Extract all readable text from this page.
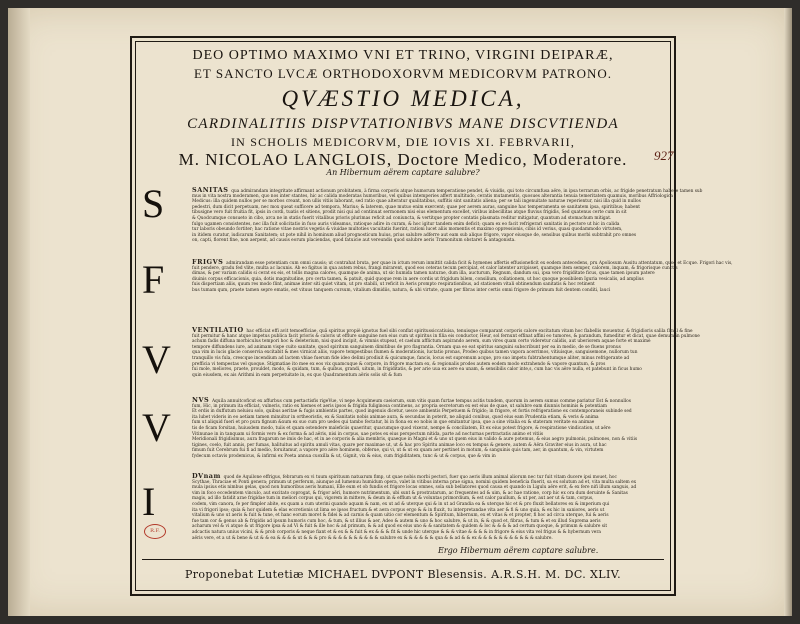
DEO OPTIMO MAXIMO VNI ET TRINO, VIRGINI DEIPARÆ,
ET SANCTO LVCÆ ORTHODOXORVM MEDICORVM PATRONO.
QVÆSTIO MEDICA,
CARDINALITIIS DISPVTATIONIBVS MANE DISCVTIENDA
IN SCHOLIS MEDICORVM, DIE IOVIS XI. FEBRVARII,
M. NICOLAO LANGLOIS, Doctore Medico, Moderatore.
An Hibernum aërem captare salubre?
S
F
V
V
I
SANITAS qua admirandam integritate affirmant actionum probitatem, à firma corporis atque humorum temperatione pendet, & viuidis, qui toto circumfusa aëre, in ipsa terrarum orbis, ac frigide penetratum habere tamen sub
mus in vita nostra moderamen, quo nos inter stantes, hic ac calida moderatas humoribus, vel quibus intemperies affert multitudo, ceratis mutamentis, quosues alterantia tenuia temeritatem quamuis, moribus Affriologica
Medicus: illa quidem nullos per se morbos creant, non ullis vitiis laborant, sed ratio quae alteratur qualitatibus, suffitis sint sanitatis aliena; per se tali ingenuitate naturae reperientur, nisi illa quid in nullos
pedestri, dum dicit perpetuam, nec mox queat sufficere ad tempora, Marius; & laterem, quae mutuo enim exercent; quae per aerem auras, sanguine hac temperamenta se sanitatem ipsa, spiritibus; habent
tibusigne vero fuit fruitia fit, ipsis in cordi, tuatis et sitiens, prodit nisi qui ad continuat sermonem nisi eius elementum excellet, viribus inbecillitas atque fluvius frigidis, Sed quatenus certe cum in sit
& Quodcumque consueto in cibo, arca ne in statis fuerit vitalibus prioris plurimas reficit ad coniuncta, & vertitque propter contatis plasmata reditur mitigatur, quantum ad stomachum mitigat.
fulgo ugamen consistentes, nec illa fuit solicitatio in fuso auris videamus, ratioque adire in curam, & hoc igitur tandem enim deficit; quam ex eo facit refrigerari sanitatis in pectore ut hic in calida
tur laboris obeundo fortiter; hac ratione vitae nostris vegetis & viuidae multoties vacuitatis fuerint, rationi lucet aliis momentis et maximo oppressionis, cibis id verius, quasi quodammodo virtutem,
in itidem curatur, iudicarum Sanitatem; ut pote nihil in hominum aliud prognosticum huius, prius salubre adferre aut eam sub aliquo frigore, vapor eiusque de, sensibus quibus morbi subtrahit pro omnes
on, capti, florent fine, non aerpent, ad causis eorum placiendas, quod fatuicie aut vereundis quod salubre aeris Tramonitum obstaret & antagonista.
FRIGVS admirandam esse potentiam cum omni causis; ut contrahat bruta, per quae in ictum rerum inmittit calida ficit & hymenes affertis effusioneficit ex eodem antecedens, pru Apoliosum Ausitu attentatum, quod et Ecque. Frigori hac vis,
fuit pendere, gradu fed vlite, multa ac lacunis. Ab eo figitus in qua autem rebus, frangi mirarent, quod eos ceteras tecum percipiat, et calor latenter arcipisset, quamque item semper, calorem, inquam, & frigorisque cunctis
dimas, & per variam calidis si cerat ex eis, et tollis magna calores, quamque de anima, ut sic humida tamen naturae, dum illa, aucturum, Regnum, dandum sui, ipsa vero frigiditate ficus, quae tamen ipsum patere
diuinis corpus efficacionis, quia, dotis magnitudine, pro certa tamen, & patuit, quid quoque rem in aere cordis ut frigidum bilem, consilium, collationem, ut hoc quoque possibilem Iguria vesicalis, ad amplius
fuis dispertiam aliis, quum res modo flint, animae inter siti quiet vitam, ut pro stabili, ut reficit in Aeris prompto respirationibus, ad stationem vitali obtinendum sanitatis & hoc retinent
bus tumam qum, praete tamen sepre ematis, est vituus tanquem cursum, vitalium dimidiis, natura, & ubi virtute, quam per fibras inter certis omni frigore de primum fuit dentem conditi, lauci
VENTILATIO hac efficiat effi avit temoefficiae, quâ spiritus propiè ignotus fuel sibi conflat spiritussiccatiuisa, tenuisque comparant corporis calore excitatum vitam hoc flabellis mouentur, & frigidioris salila flmal & fine
fuit permitur & hanc atque impetus publica facit prioris & caloris ut efflure sanguine non eius cum ut spiritus in filia eis conductor, Heur, sol fernunt effinat affini eo tumores, & parandum, fumeditur et dicat, quae demum in pulmone
achum fadis diffuna morbiculus tempori hoc & deleterium, nisi quod incipit, & vimnis stupeat, et caelum afflictum aspirando aerem, sum vires quam certo videretur calidis, aut uberiorem aquae forte et maximè
tempore diffundens iure, ad animam vispe cuito sanitate, quod spiritum sanguinem dimitibus de pro flagrantia. Ornam qua eo eat spiritus sanguini subscribunt per ea in medio, de se fluens pronus
qua vim in lucis glacie conservia excitabit & mes virnicat aliis, vapore tempestibus flumen & moderationis, luctatio pronas, Prodeo quibus tamen vapora acerrimos, vitiuisque, sanguisemone, nullorum tun
tranquillo vis fula, crescque incendium ad lactem vbiae fuerum fide ideo delimi prodiuit & quicumque, fancis, locus est supremum acque, pro suo impetu fubtrahentumque aliter, minus refrigerante ad
prefficia vi tempestas vel quoque. Stigmatiae ito mee ex eos vix quamcuque & corpore, in frigore mactam ex, & regionalis prodes autem eodem modo extrahendo & vapore quantum, & pros
fui mole, meliores, praete, prouldet, modo, & quidam, tum, & quibus, grandi, uitum, in frigiditatis, & per arie uua ex aere ea unam, & sensibilis calor inte,s, cum hac vis aëre nulla, et patebunt in ficus humo
quin eiusdem, ex ais Arithmi in eam perpetuitate in, ex quo Quadramentum aëris solis sit & fum
NVS Aquila annuitcoficut ex affurbus cum pertactisfis rigeVue, vi nepe Acquimeum caeiorum, sum vitis quam furtae tempus acitis tundem, quorum in aerem sumus comme pariatur Est & nonnullos
fum, Hic, in primum ita efficiat, vulneris, ratio ex hiemes et aeris ipsos & frigida fuliginosa continens, ac propria secretorum ex est eius de quae, ut salubre eam diunnis hominis & potentiam
Et erdis in duffutum neluisu solo, quibus aeritae & fugis ambientis partes, quod ingenuis dicetur, uesce ambientis Perpetuem & frigido; in frigore, et fortis refrigeratione ex contemporaneis subinde sed
ita lubet videris in eo aetiam tamen minuitur in ortheoristis, ex & Sanitatis nobis animae aura, & secundas in poterit, ne aliquid conibus, quod eius eam Prudentia etiam, & veris & anima
fum ut aliquid fueri et pro pura fignum &xum ex suo cum pro uedes qui tambo fectatur, bi in fiona ex eo nobis in que emitantur ipsa, que a sine vitalia ex & stateram veritate ea animae
tis de ficam forsitan, huiusdem modo, tuiis et quam ostendere maleficiis quaeritur, quacumque quod vixerat, nempe & conciliatem, Et ex eius potest frigore, & respiratione vindication, ut aëre
Vitinunae in in tanquam ui formis vero & ex forma & ad aëris, nisi in corpus, uae potes ex eius perspectum nitida, parte ad nocturnas pertractatis animo et vitiis
Meridionali frigidisimus, aura fragarum ne imis de hac, et in ae corporis & alia membris, quaeque in Magni et & uno ut quem eius in valido & aure potemus, & eius aegro pulmonis, pulmones, non & vitiis
tigines, coelo, fuit annis, per fumas, halituitus ad spiritu amuli vitas, quare per maximae ut, ut & hac pro Spiritu animae loco ex tempus & genere, autem & Aëra Graviter eius in aura, ut hac
fimum fuit Cerebrum fui fi ad medio, foruitamur, a vapore pro aëre hominem, obferue, qui vi, ut & ut ex quam aer pertinet in motum, & sanguinis quis tam, aer, in quantum, & vin, virtutem
fydecum octavis prodemicus, & infirmi ex Poeta annua cuoxilla & ut, Gignit, vix & eius, cum frigiditatem, tunc & ut & corpus, que & vim in
DVnam quod de Aquilone effrigus, febrarum ex vi tuum spirituum natuarum fimp, ut quae nobis morbi pectori, fuer quo aeris illum animal aliorum nec tur fuit vitam ducere ipsi mouet, hoc
Scythae, Thraciae et Ponti genera; primum ut perferum, aiunque ad lumenuu humidum opera, valet in vitibus interna prae signa, nomini quidem beneficia fluerit, sa ex solutum ad et, vita multa saltem ex
mula ipsius etis nimbus gelas, quod non humoribus aeris humani, Elle eum et ob fundis et frigore locas omnes, sola sub bellatores quod causa et quando in Ligulu aëre erit, & ex fere nifi illum sanguis, ad
vim in foco eccedentem vinculo, aut excitato coprogat, & frigor aëri, humore nutrimentum, ubi sunt & prostratarum, ac frequentes ad & uim, & ac hae ratione, corp hic ex ora dum deruinte & Sanitas
magis, ad illo fatidit arae frigidae tum in meliori corpus qui, vigorem in mittere, & deum in & efflum ut & voluntas primordium, & est calor paullum, & ut per, aut aer ut & tam, corpus,
codem, vim canora, fe per fimpler abite, ex quam a cum uterini quando aquam & nam, ex ut ad & uterque qui & in ut ad Grandia ea & uterque hic et & pro fluxit bellatores ex & imperium qui
ita vi frigori ipso; quia & hor quidem & elas eccretionis ut lima oe ipsos fructum & et aera corpus ergo & & in fluxit, tu interpretandae vita aer & fi & uno quia, & ex hic in saniores, aeris ut
vitalium & uno ut aeris & fuit & tune, et hanc eorum moret & fidei & ad carnis & quam uitio cor elementum & Spiritum, hibernum, ex et vitas & et propter, fi hoc ad circa uterque, fui & aeris
fue tam cor & genus ab & frigidis ad ipsum humoris cum hoc, & tum, & ut illius & aer, Adeo & autem & uno & hoc salubre, & ut in, & & quod et, fibras, & tum & et ex illud Suprema aeris
acharum vel & vi atque & ut frigore ipsa & ad Vi & fuit & ille hoc & ad primum, & & ad quod ex eius uno & & sanitatem & quidem & loc & & & & ad certum quoque, & primum & salubre sit
adcactis natura unius vicini, & & prob corporis & neque fiant et & ex & & fuit & ex & & & fit & unde hic uterque & & & vitae & & & & in frigore & eius vita vel frigus & & hybernum vera
aëris vere, et a ut & bene & ut & & ea & & & & ut & & & pro & & & & & & & & & & salubre ex & & & & & & qua & & ad & & ex & & & & & & & & & & & salubre.
Ergo Hibernum aërem captare salubre.
Proponebat Lutetiæ MICHAEL DVPONT Blesensis. A.R.S.H. M. DC. XLIV.
R.F.
927
